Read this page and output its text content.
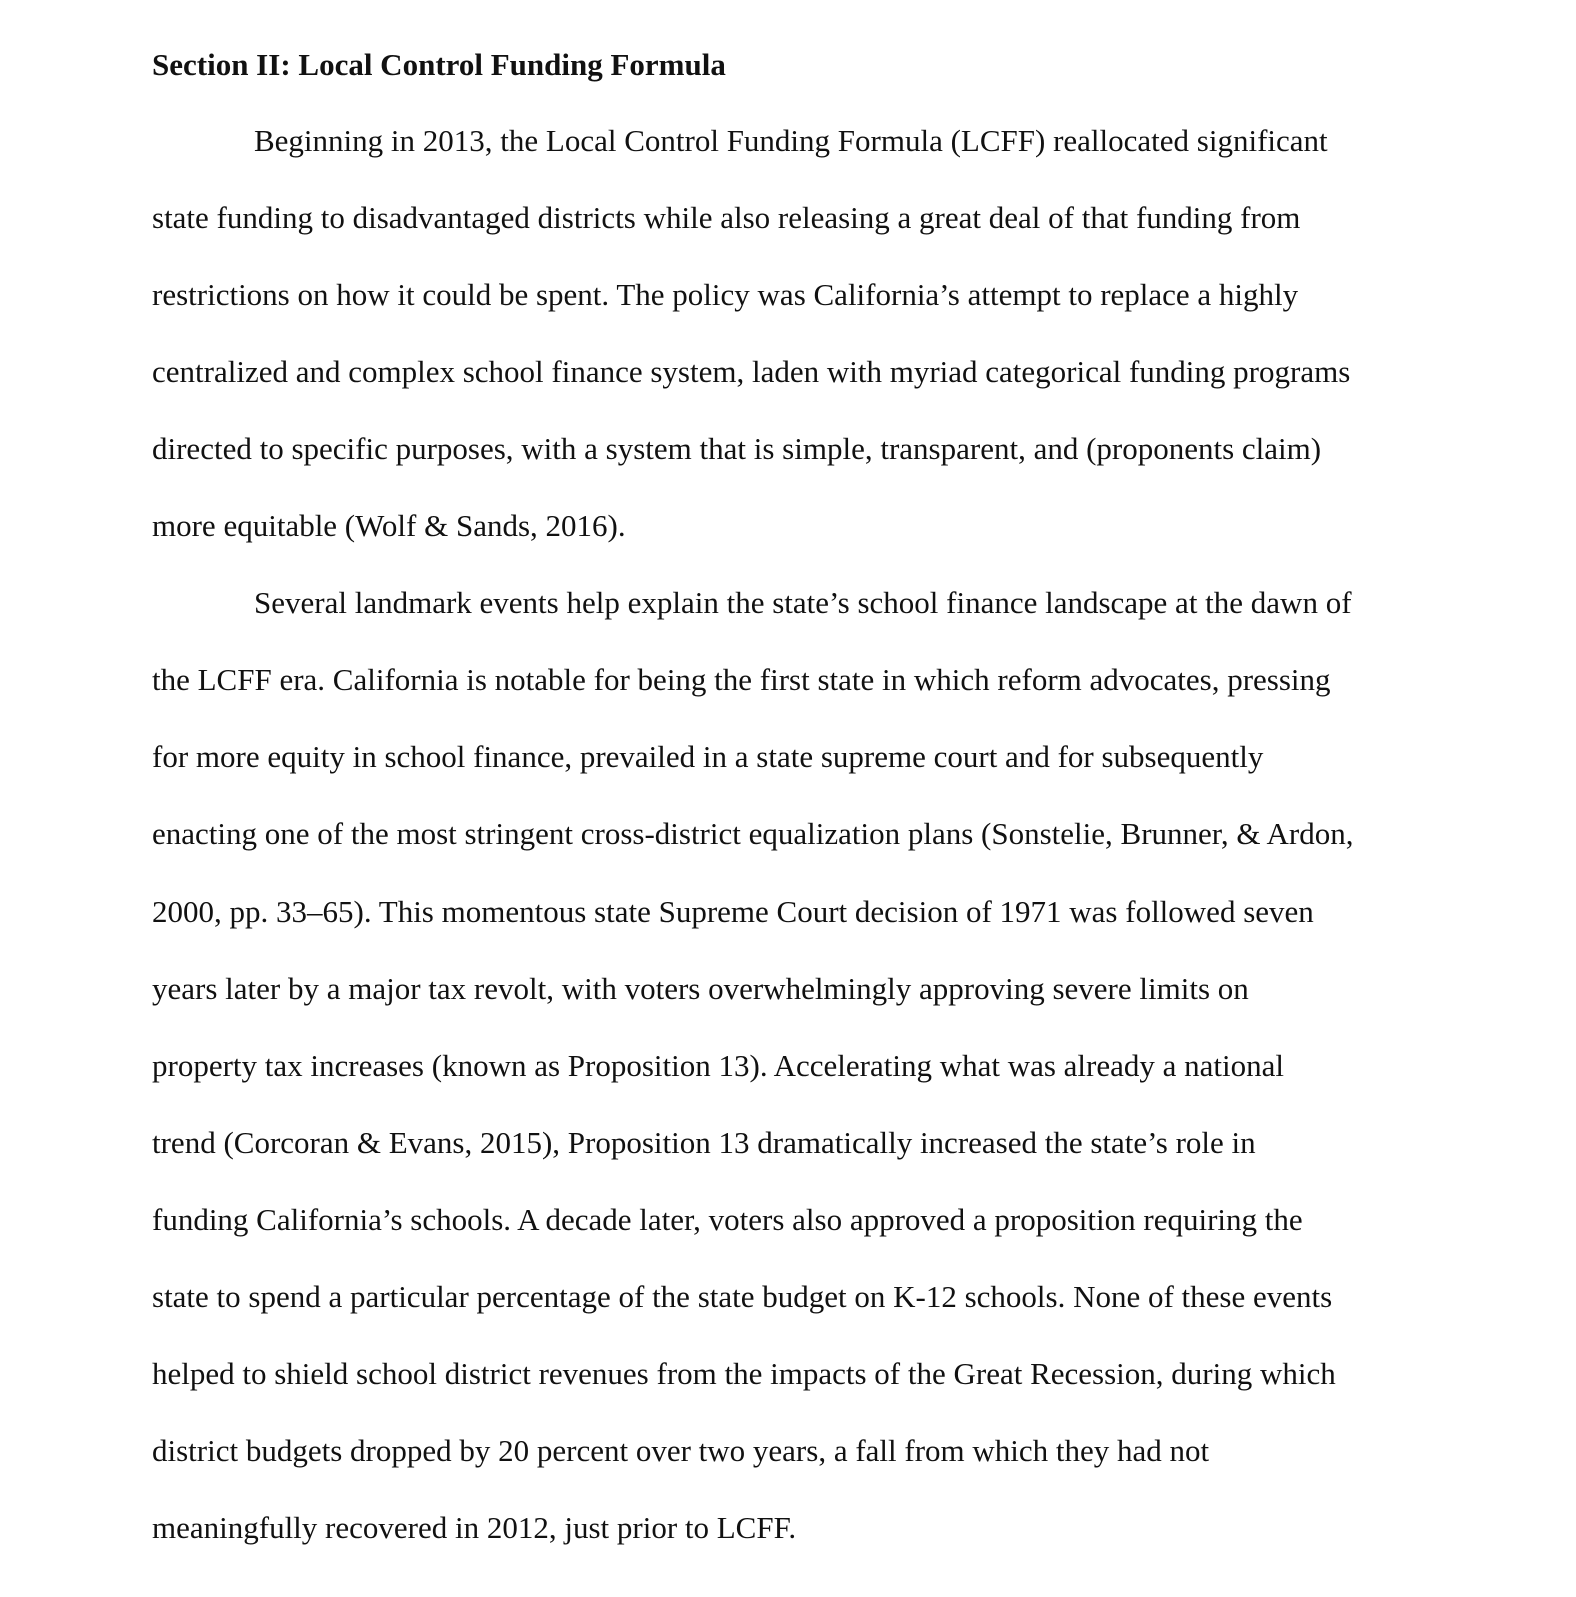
Section II: Local Control Funding Formula
Beginning in 2013, the Local Control Funding Formula (LCFF) reallocated significant
state funding to disadvantaged districts while also releasing a great deal of that funding from
restrictions on how it could be spent. The policy was California’s attempt to replace a highly
centralized and complex school finance system, laden with myriad categorical funding programs
directed to specific purposes, with a system that is simple, transparent, and (proponents claim)
more equitable (Wolf & Sands, 2016).
Several landmark events help explain the state’s school finance landscape at the dawn of
the LCFF era. California is notable for being the first state in which reform advocates, pressing
for more equity in school finance, prevailed in a state supreme court and for subsequently
enacting one of the most stringent cross-district equalization plans (Sonstelie, Brunner, & Ardon,
2000, pp. 33–65). This momentous state Supreme Court decision of 1971 was followed seven
years later by a major tax revolt, with voters overwhelmingly approving severe limits on
property tax increases (known as Proposition 13). Accelerating what was already a national
trend (Corcoran & Evans, 2015), Proposition 13 dramatically increased the state’s role in
funding California’s schools. A decade later, voters also approved a proposition requiring the
state to spend a particular percentage of the state budget on K-12 schools. None of these events
helped to shield school district revenues from the impacts of the Great Recession, during which
district budgets dropped by 20 percent over two years, a fall from which they had not
meaningfully recovered in 2012, just prior to LCFF.
